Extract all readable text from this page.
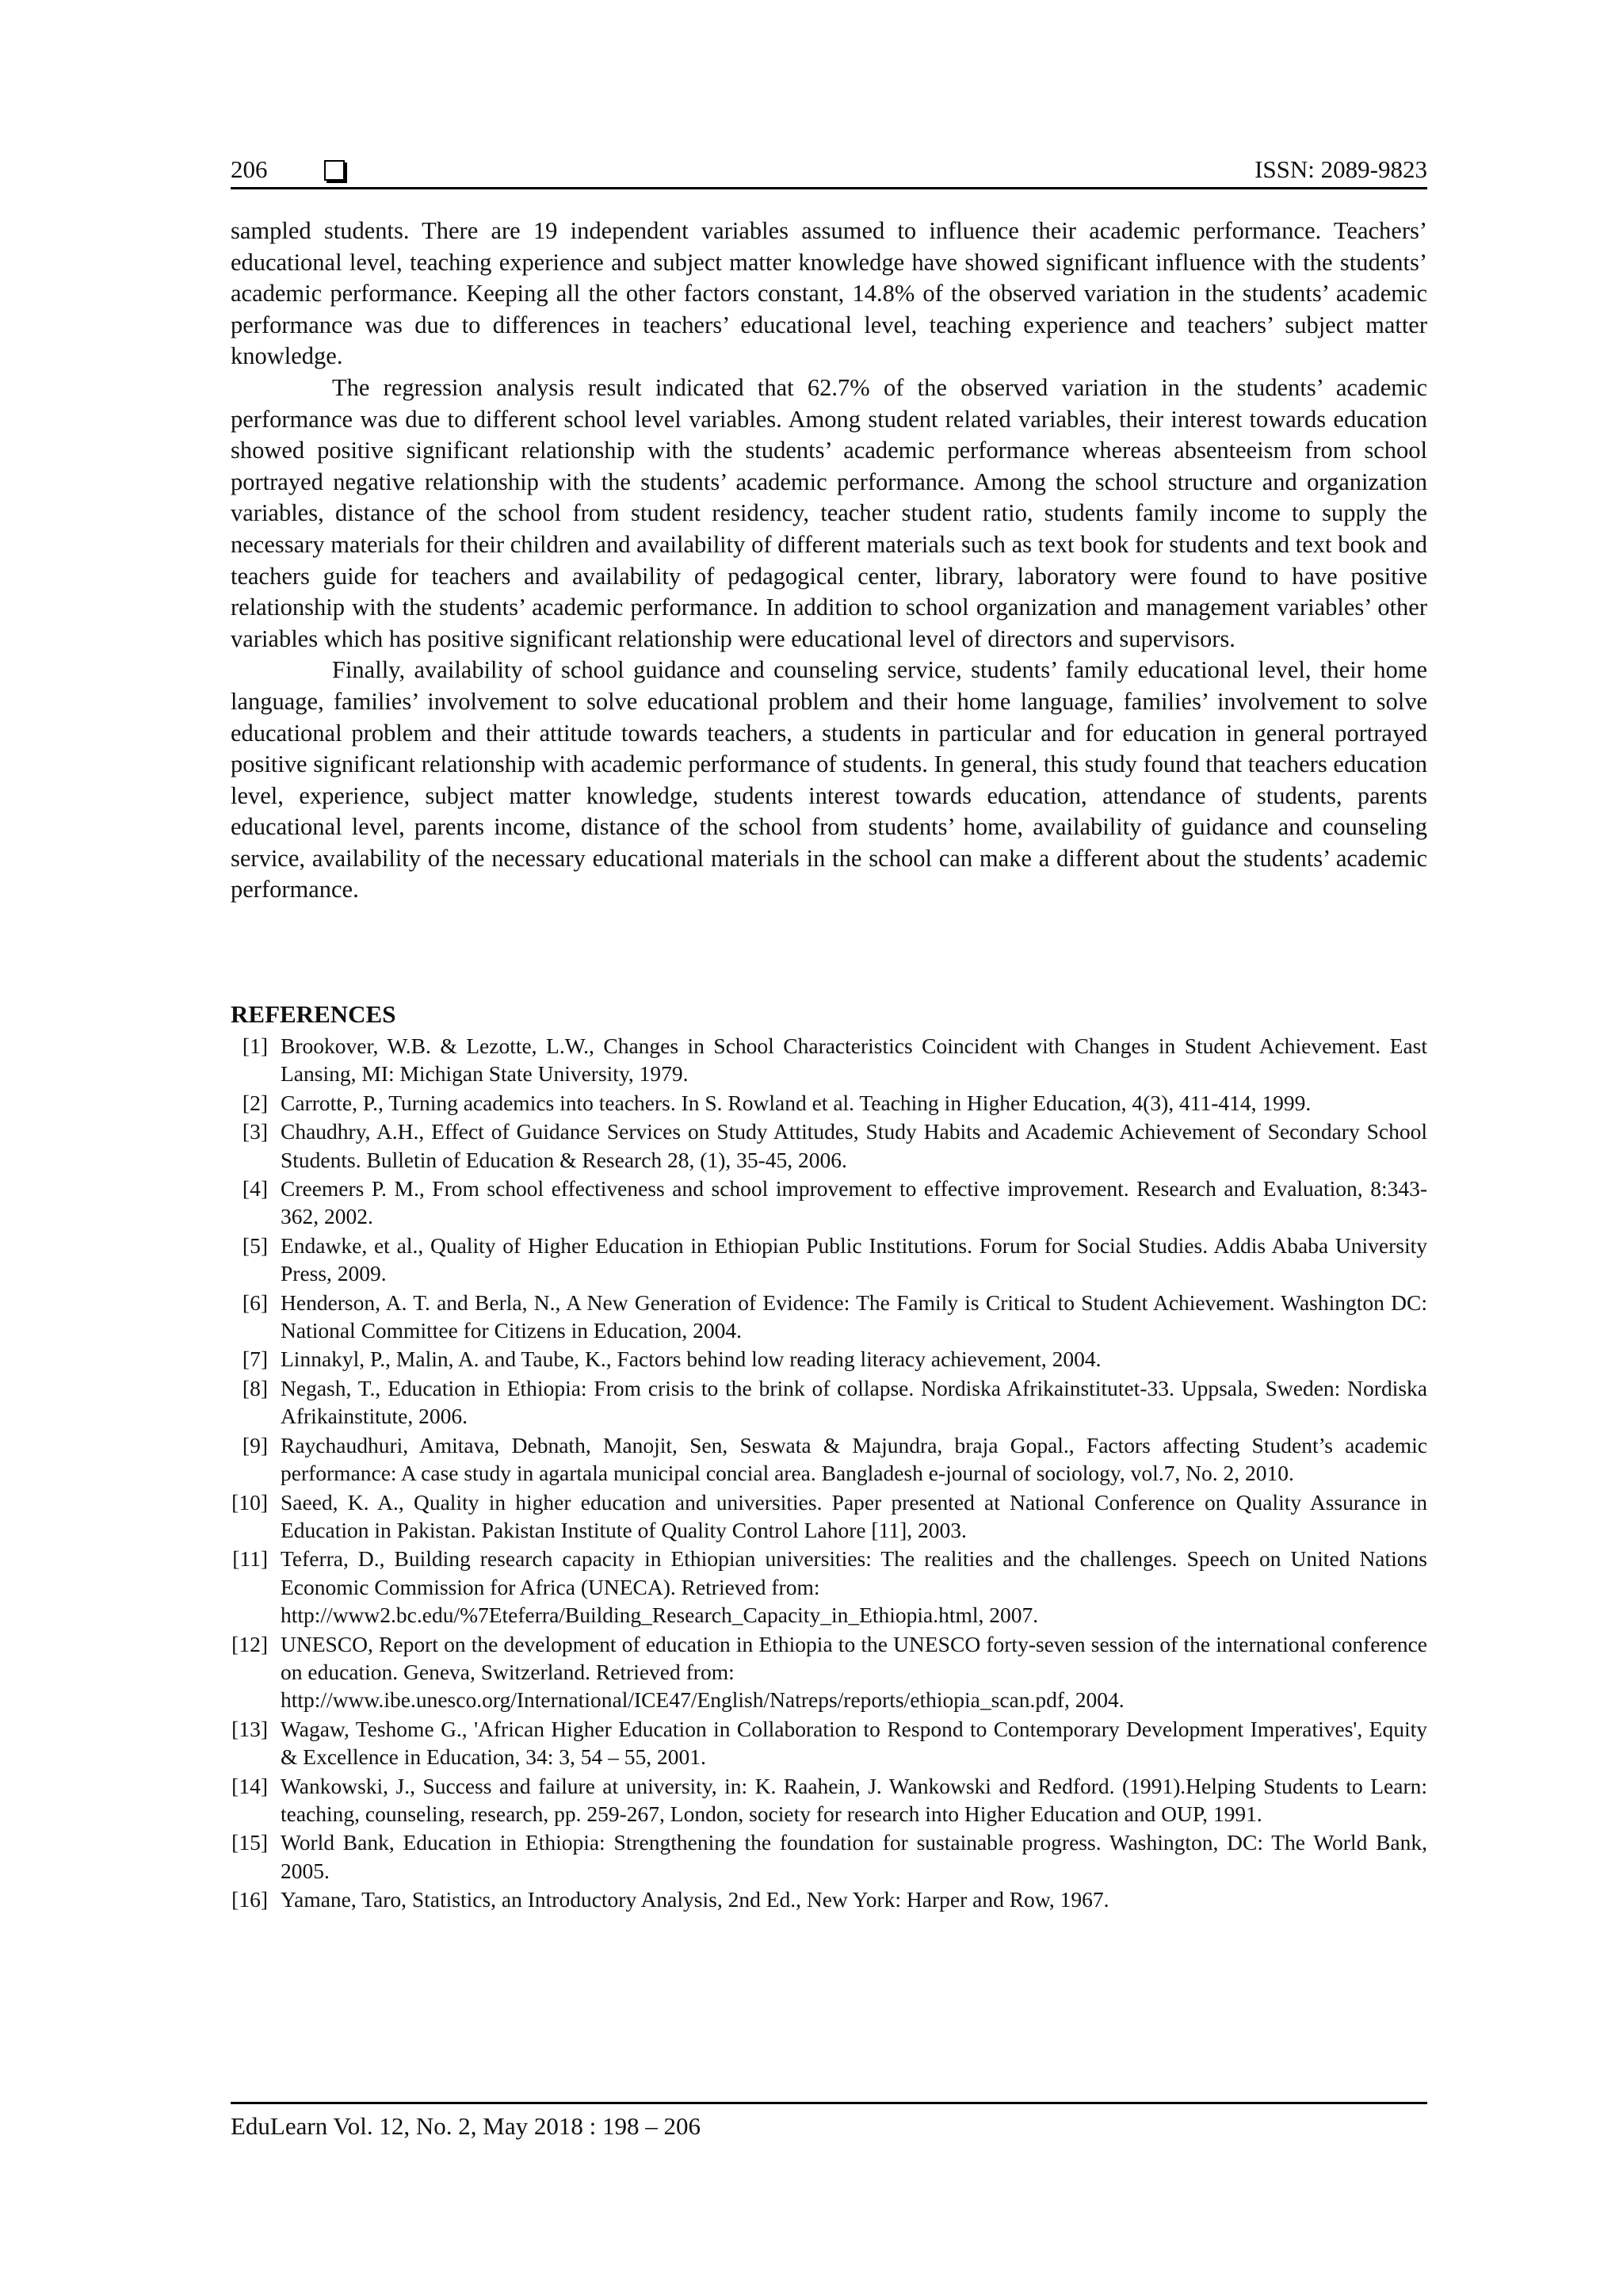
206	ISSN: 2089-9823

sampled students. There are 19 independent variables assumed to influence their academic performance. Teachers’ educational level, teaching experience and subject matter knowledge have showed significant influence with the students’ academic performance. Keeping all the other factors constant, 14.8% of the observed variation in the students’ academic performance was due to differences in teachers’ educational level, teaching experience and teachers’ subject matter knowledge.

The regression analysis result indicated that 62.7% of the observed variation in the students’ academic performance was due to different school level variables. Among student related variables, their interest towards education showed positive significant relationship with the students’ academic performance whereas absenteeism from school portrayed negative relationship with the students’ academic performance. Among the school structure and organization variables, distance of the school from student residency, teacher student ratio, students family income to supply the necessary materials for their children and availability of different materials such as text book for students and text book and teachers guide for teachers and availability of pedagogical center, library, laboratory were found to have positive relationship with the students’ academic performance. In addition to school organization and management variables’ other variables which has positive significant relationship were educational level of directors and supervisors.

Finally, availability of school guidance and counseling service, students’ family educational level, their home language, families’ involvement to solve educational problem and their home language, families’ involvement to solve educational problem and their attitude towards teachers, a students in particular and for education in general portrayed positive significant relationship with academic performance of students. In general, this study found that teachers education level, experience, subject matter knowledge, students interest towards education, attendance of students, parents educational level, parents income, distance of the school from students’ home, availability of guidance and counseling service, availability of the necessary educational materials in the school can make a different about the students’ academic performance.

REFERENCES
[1] Brookover, W.B. & Lezotte, L.W., Changes in School Characteristics Coincident with Changes in Student Achievement. East Lansing, MI: Michigan State University, 1979.
[2] Carrotte, P., Turning academics into teachers. In S. Rowland et al. Teaching in Higher Education, 4(3), 411-414, 1999.
[3] Chaudhry, A.H., Effect of Guidance Services on Study Attitudes, Study Habits and Academic Achievement of Secondary School Students. Bulletin of Education & Research 28, (1), 35-45, 2006.
[4] Creemers P. M., From school effectiveness and school improvement to effective improvement. Research and Evaluation, 8:343-362, 2002.
[5] Endawke, et al., Quality of Higher Education in Ethiopian Public Institutions. Forum for Social Studies. Addis Ababa University Press, 2009.
[6] Henderson, A. T. and Berla, N., A New Generation of Evidence: The Family is Critical to Student Achievement. Washington DC: National Committee for Citizens in Education, 2004.
[7] Linnakyl, P., Malin, A. and Taube, K., Factors behind low reading literacy achievement, 2004.
[8] Negash, T., Education in Ethiopia: From crisis to the brink of collapse. Nordiska Afrikainstitutet-33. Uppsala, Sweden: Nordiska Afrikainstitute, 2006.
[9] Raychaudhuri, Amitava, Debnath, Manojit, Sen, Seswata & Majundra, braja Gopal., Factors affecting Student’s academic performance: A case study in agartala municipal concial area. Bangladesh e-journal of sociology, vol.7, No. 2, 2010.
[10] Saeed, K. A., Quality in higher education and universities. Paper presented at National Conference on Quality Assurance in Education in Pakistan. Pakistan Institute of Quality Control Lahore [11], 2003.
[11] Teferra, D., Building research capacity in Ethiopian universities: The realities and the challenges. Speech on United Nations Economic Commission for Africa (UNECA). Retrieved from:
http://www2.bc.edu/%7Eteferra/Building_Research_Capacity_in_Ethiopia.html, 2007.
[12] UNESCO, Report on the development of education in Ethiopia to the UNESCO forty-seven session of the international conference on education. Geneva, Switzerland. Retrieved from:
http://www.ibe.unesco.org/International/ICE47/English/Natreps/reports/ethiopia_scan.pdf, 2004.
[13] Wagaw, Teshome G., 'African Higher Education in Collaboration to Respond to Contemporary Development Imperatives', Equity & Excellence in Education, 34: 3, 54 – 55, 2001.
[14] Wankowski, J., Success and failure at university, in: K. Raahein, J. Wankowski and Redford. (1991).Helping Students to Learn: teaching, counseling, research, pp. 259-267, London, society for research into Higher Education and OUP, 1991.
[15] World Bank, Education in Ethiopia: Strengthening the foundation for sustainable progress. Washington, DC: The World Bank, 2005.
[16] Yamane, Taro, Statistics, an Introductory Analysis, 2nd Ed., New York: Harper and Row, 1967.
EduLearn Vol. 12, No. 2, May 2018 : 198 – 206
